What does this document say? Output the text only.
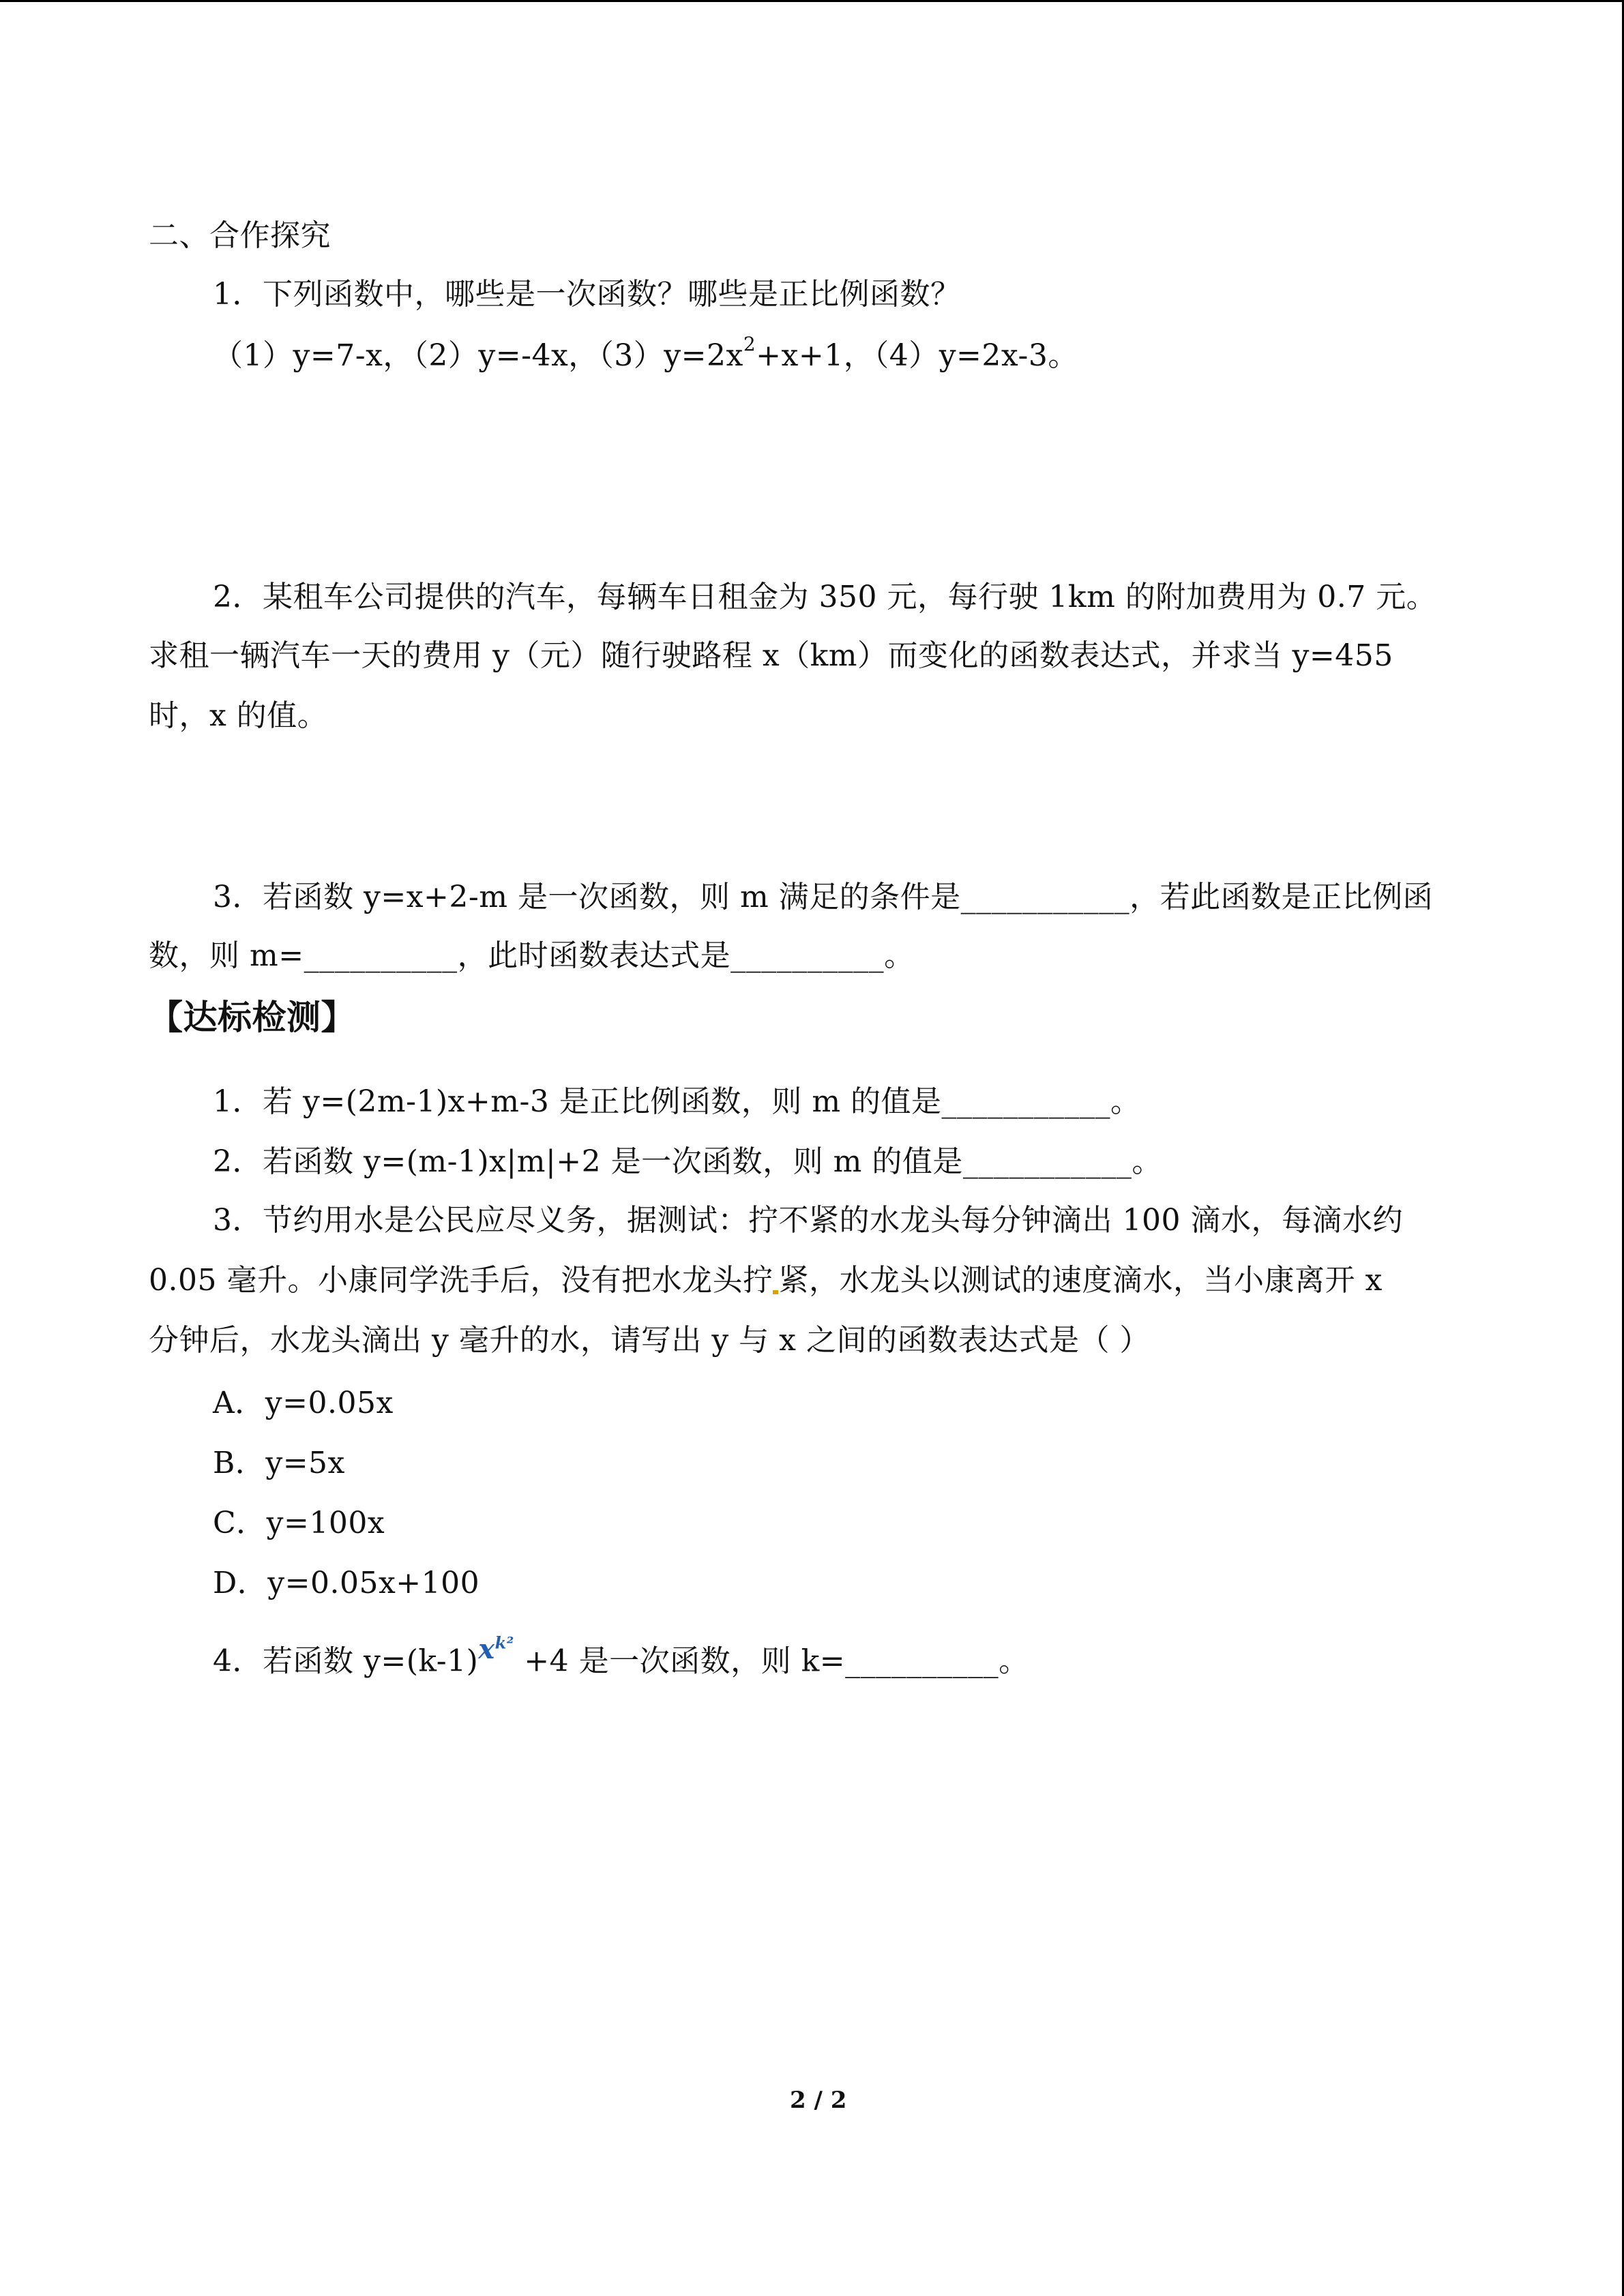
二、合作探究
1．下列函数中，哪些是一次函数？哪些是正比例函数？
（1）y=7-x，（2）y=-4x，$(3)y=2x^2+x+1$，（4）y=2x-3。
2．某租车公司提供的汽车，每辆车日租金为 350 元，每行驶 1km 的附加费用为 0.7 元。
求租一辆汽车一天的费用 y（元）随行驶路程 x（km）而变化的函数表达式，并求当 y=455
时，x 的值。
3．若函数 y=x+2-m 是一次函数，则 m 满足的条件是___________，若此函数是正比例函
数，则 m=__________，此时函数表达式是__________。
【达标检测】
1．若 y=(2m-1)x+m-3 是正比例函数，则 m 的值是___________。
2．若函数 y=(m-1)x|m|+2 是一次函数，则 m 的值是___________。
3．节约用水是公民应尽义务，据测试：拧不紧的水龙头每分钟滴出 100 滴水，每滴水约
0.05 毫升。小康同学洗手后，没有把水龙头拧 紧，水龙头以测试的速度滴水，当小康离开 x
分钟后，水龙头滴出 y 毫升的水，请写出 y 与 x 之间的函数表达式是（ ）
A．y=0.05x
B．y=5x
C．y=100x
D．y=0.05x+100
4．若函数 $y=(k-1)x^{k^2} +4$ 是一次函数，则 k=__________。
2 / 2
